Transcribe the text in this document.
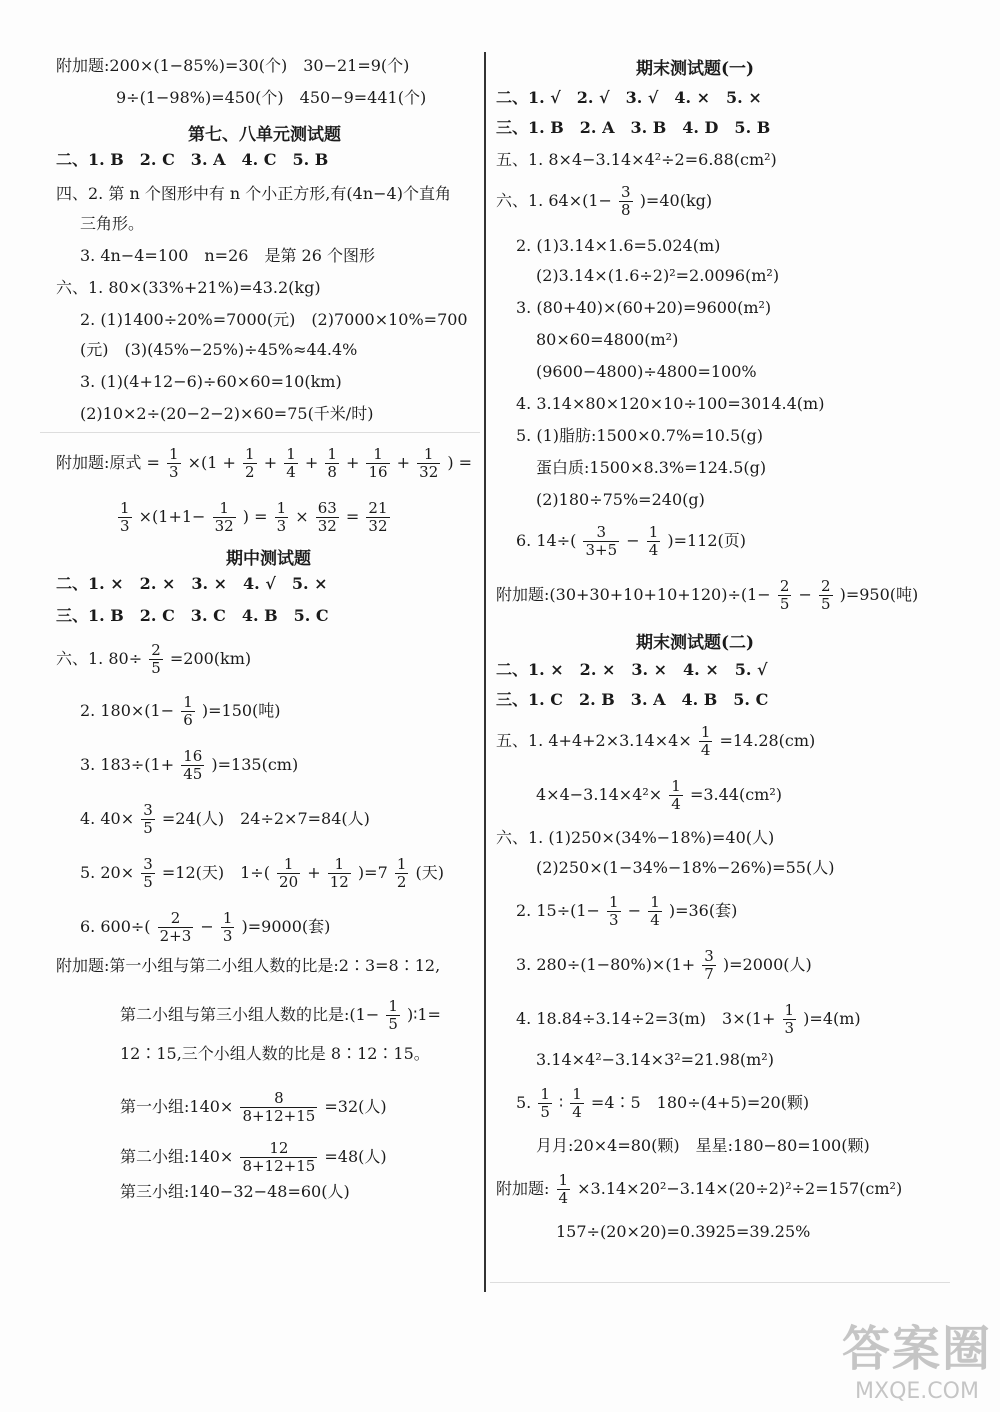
附加题:200×(1−85%)=30(个)　30−21=9(个)
9÷(1−98%)=450(个)　450−9=441(个)
第七、八单元测试题
二、1. B　2. C　3. A　4. C　5. B
四、2. 第 n 个图形中有 n 个小正方形,有(4n−4)个直角
三角形。
3. 4n−4=100　n=26　是第 26 个图形
六、1. 80×(33%+21%)=43.2(kg)
2. (1)1400÷20%=7000(元)　(2)7000×10%=700
(元)　(3)(45%−25%)÷45%≈44.4%
3. (1)(4+12−6)÷60×60=10(km)
(2)10×2÷(20−2−2)×60=75(千米/时)
附加题:原式 = $\frac{1}{3} \times(1 + \frac{1}{2} + \frac{1}{4} + \frac{1}{8} + \frac{1}{16} + \frac{1}{32}$ ) =
$\frac{1}{3} \times(1+1- \frac{1}{32}$ ) = $\frac{1}{3} \times \frac{63}{32} = \frac{21}{32}$
期中测试题
二、1. ×　2. ×　3. ×　4. √　5. ×
三、1. B　2. C　3. C　4. B　5. C
六、1. $80\div \frac{2}{5} =200(km)$
2. $180\times(1- \frac{1}{6} )=150$(吨)
3. $183\div(1+ \frac{16}{45} )=135(cm)$
4. $40\times \frac{3}{5} =24$(人)　24÷2×7=84(人)
5. $20\times \frac{3}{5} =12$(天)　$1\div( \frac{1}{20} + \frac{1}{12} )=7 \frac{1}{2}$ (天)
6. $600\div( \frac{2}{2+3} - \frac{1}{3} )=9000$(套)
附加题:第一小组与第二小组人数的比是:2∶3=8∶12,
第二小组与第三小组人数的比是:(1− $\frac{1}{5}$ )∶1=
12∶15,三个小组人数的比是 8∶12∶15。
第一小组:140× $\frac{8}{8+12+15} =32$(人)
第二小组:140× $\frac{12}{8+12+15} =48$(人)
第三小组:140−32−48=60(人)
期末测试题(一)
二、1. √　2. √　3. √　4. ×　5. ×
三、1. B　2. A　3. B　4. D　5. B
五、1. 8×4−3.14×4²÷2=6.88(cm²)
六、1. $64\times(1- \frac{3}{8} )=40(kg)$
2. (1)3.14×1.6=5.024(m)
(2)3.14×(1.6÷2)²=2.0096(m²)
3. (80+40)×(60+20)=9600(m²)
80×60=4800(m²)
(9600−4800)÷4800=100%
4. 3.14×80×120×10÷100=3014.4(m)
5. (1)脂肪:1500×0.7%=10.5(g)
蛋白质:1500×8.3%=124.5(g)
(2)180÷75%=240(g)
6. $14\div( \frac{3}{3+5} - \frac{1}{4} )=112$(页)
附加题:(30+30+10+10+120)÷(1− $\frac{2}{5} - \frac{2}{5} )=950$(吨)
期末测试题(二)
二、1. ×　2. ×　3. ×　4. ×　5. √
三、1. C　2. B　3. A　4. B　5. C
五、1. $4+4+2\times 3.14\times 4\times \frac{1}{4} =14.28(cm)$
$4\times 4-3.14\times 4^2\times \frac{1}{4} =3.44(cm^2)$
六、1. (1)250×(34%−18%)=40(人)
(2)250×(1−34%−18%−26%)=55(人)
2. $15\div(1- \frac{1}{3} - \frac{1}{4} )=36$(套)
3. $280\div(1-80\%)\times(1+ \frac{3}{7} )=2000$(人)
4. 18.84÷3.14÷2=3(m)　$3\times(1+ \frac{1}{3} )=4(m)$
3.14×4²−3.14×3²=21.98(m²)
5. $\frac{1}{5}$ ∶ $\frac{1}{4}$ =4∶5　180÷(4+5)=20(颗)
月月:20×4=80(颗)　星星:180−80=100(颗)
附加题: $\frac{1}{4} \times 3.14\times 20^2-3.14\times(20\div 2)^2\div 2=157(cm^2)$
157÷(20×20)=0.3925=39.25%
答案圈
MXQE.COM
